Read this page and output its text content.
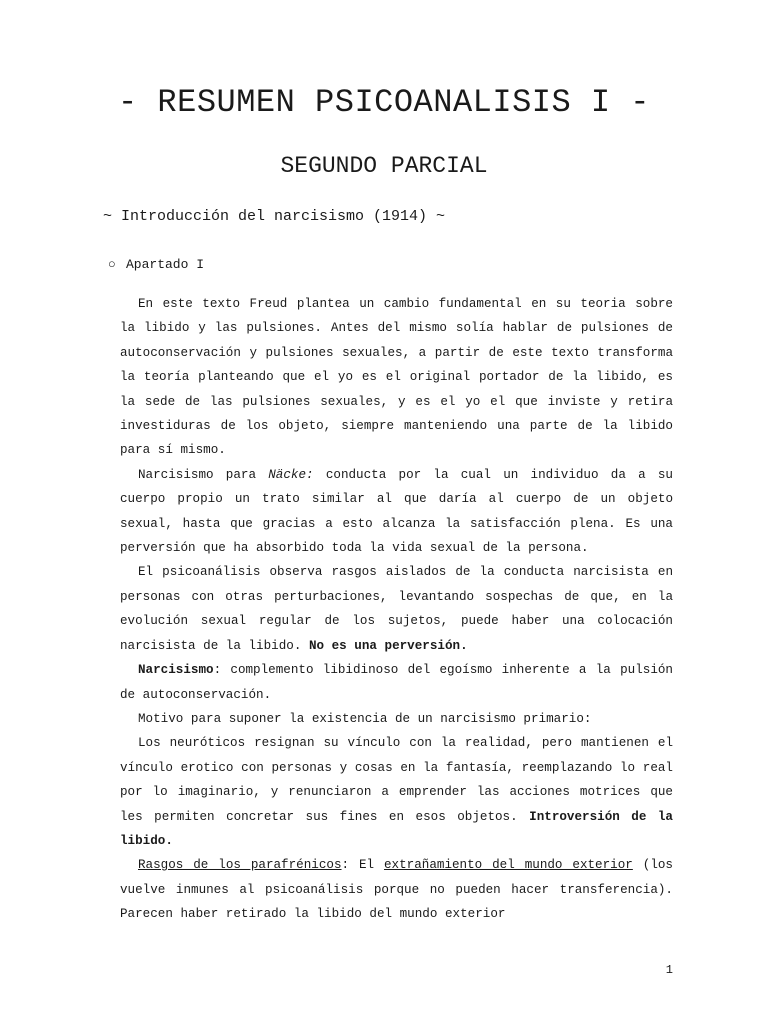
- RESUMEN PSICOANALISIS I -
SEGUNDO PARCIAL
~ Introducción del narcisismo (1914) ~
○ Apartado I

En este texto Freud plantea un cambio fundamental en su teoria sobre la libido y las pulsiones. Antes del mismo solía hablar de pulsiones de autoconservación y pulsiones sexuales, a partir de este texto transforma la teoría planteando que el yo es el original portador de la libido, es la sede de las pulsiones sexuales, y es el yo el que inviste y retira investiduras de los objeto, siempre manteniendo una parte de la libido para sí mismo.

Narcisismo para Näcke: conducta por la cual un individuo da a su cuerpo propio un trato similar al que daría al cuerpo de un objeto sexual, hasta que gracias a esto alcanza la satisfacción plena. Es una perversión que ha absorbido toda la vida sexual de la persona.

El psicoanálisis observa rasgos aislados de la conducta narcisista en personas con otras perturbaciones, levantando sospechas de que, en la evolución sexual regular de los sujetos, puede haber una colocación narcisista de la libido. No es una perversión.

Narcisismo: complemento libidinoso del egoísmo inherente a la pulsión de autoconservación.

Motivo para suponer la existencia de un narcisismo primario:

Los neuróticos resignan su vínculo con la realidad, pero mantienen el vínculo erotico con personas y cosas en la fantasía, reemplazando lo real por lo imaginario, y renunciaron a emprender las acciones motrices que les permiten concretar sus fines en esos objetos. Introversión de la libido.

Rasgos de los parafrénicos: El extrañamiento del mundo exterior (los vuelve inmunes al psicoanálisis porque no pueden hacer transferencia). Parecen haber retirado la libido del mundo exterior

1
